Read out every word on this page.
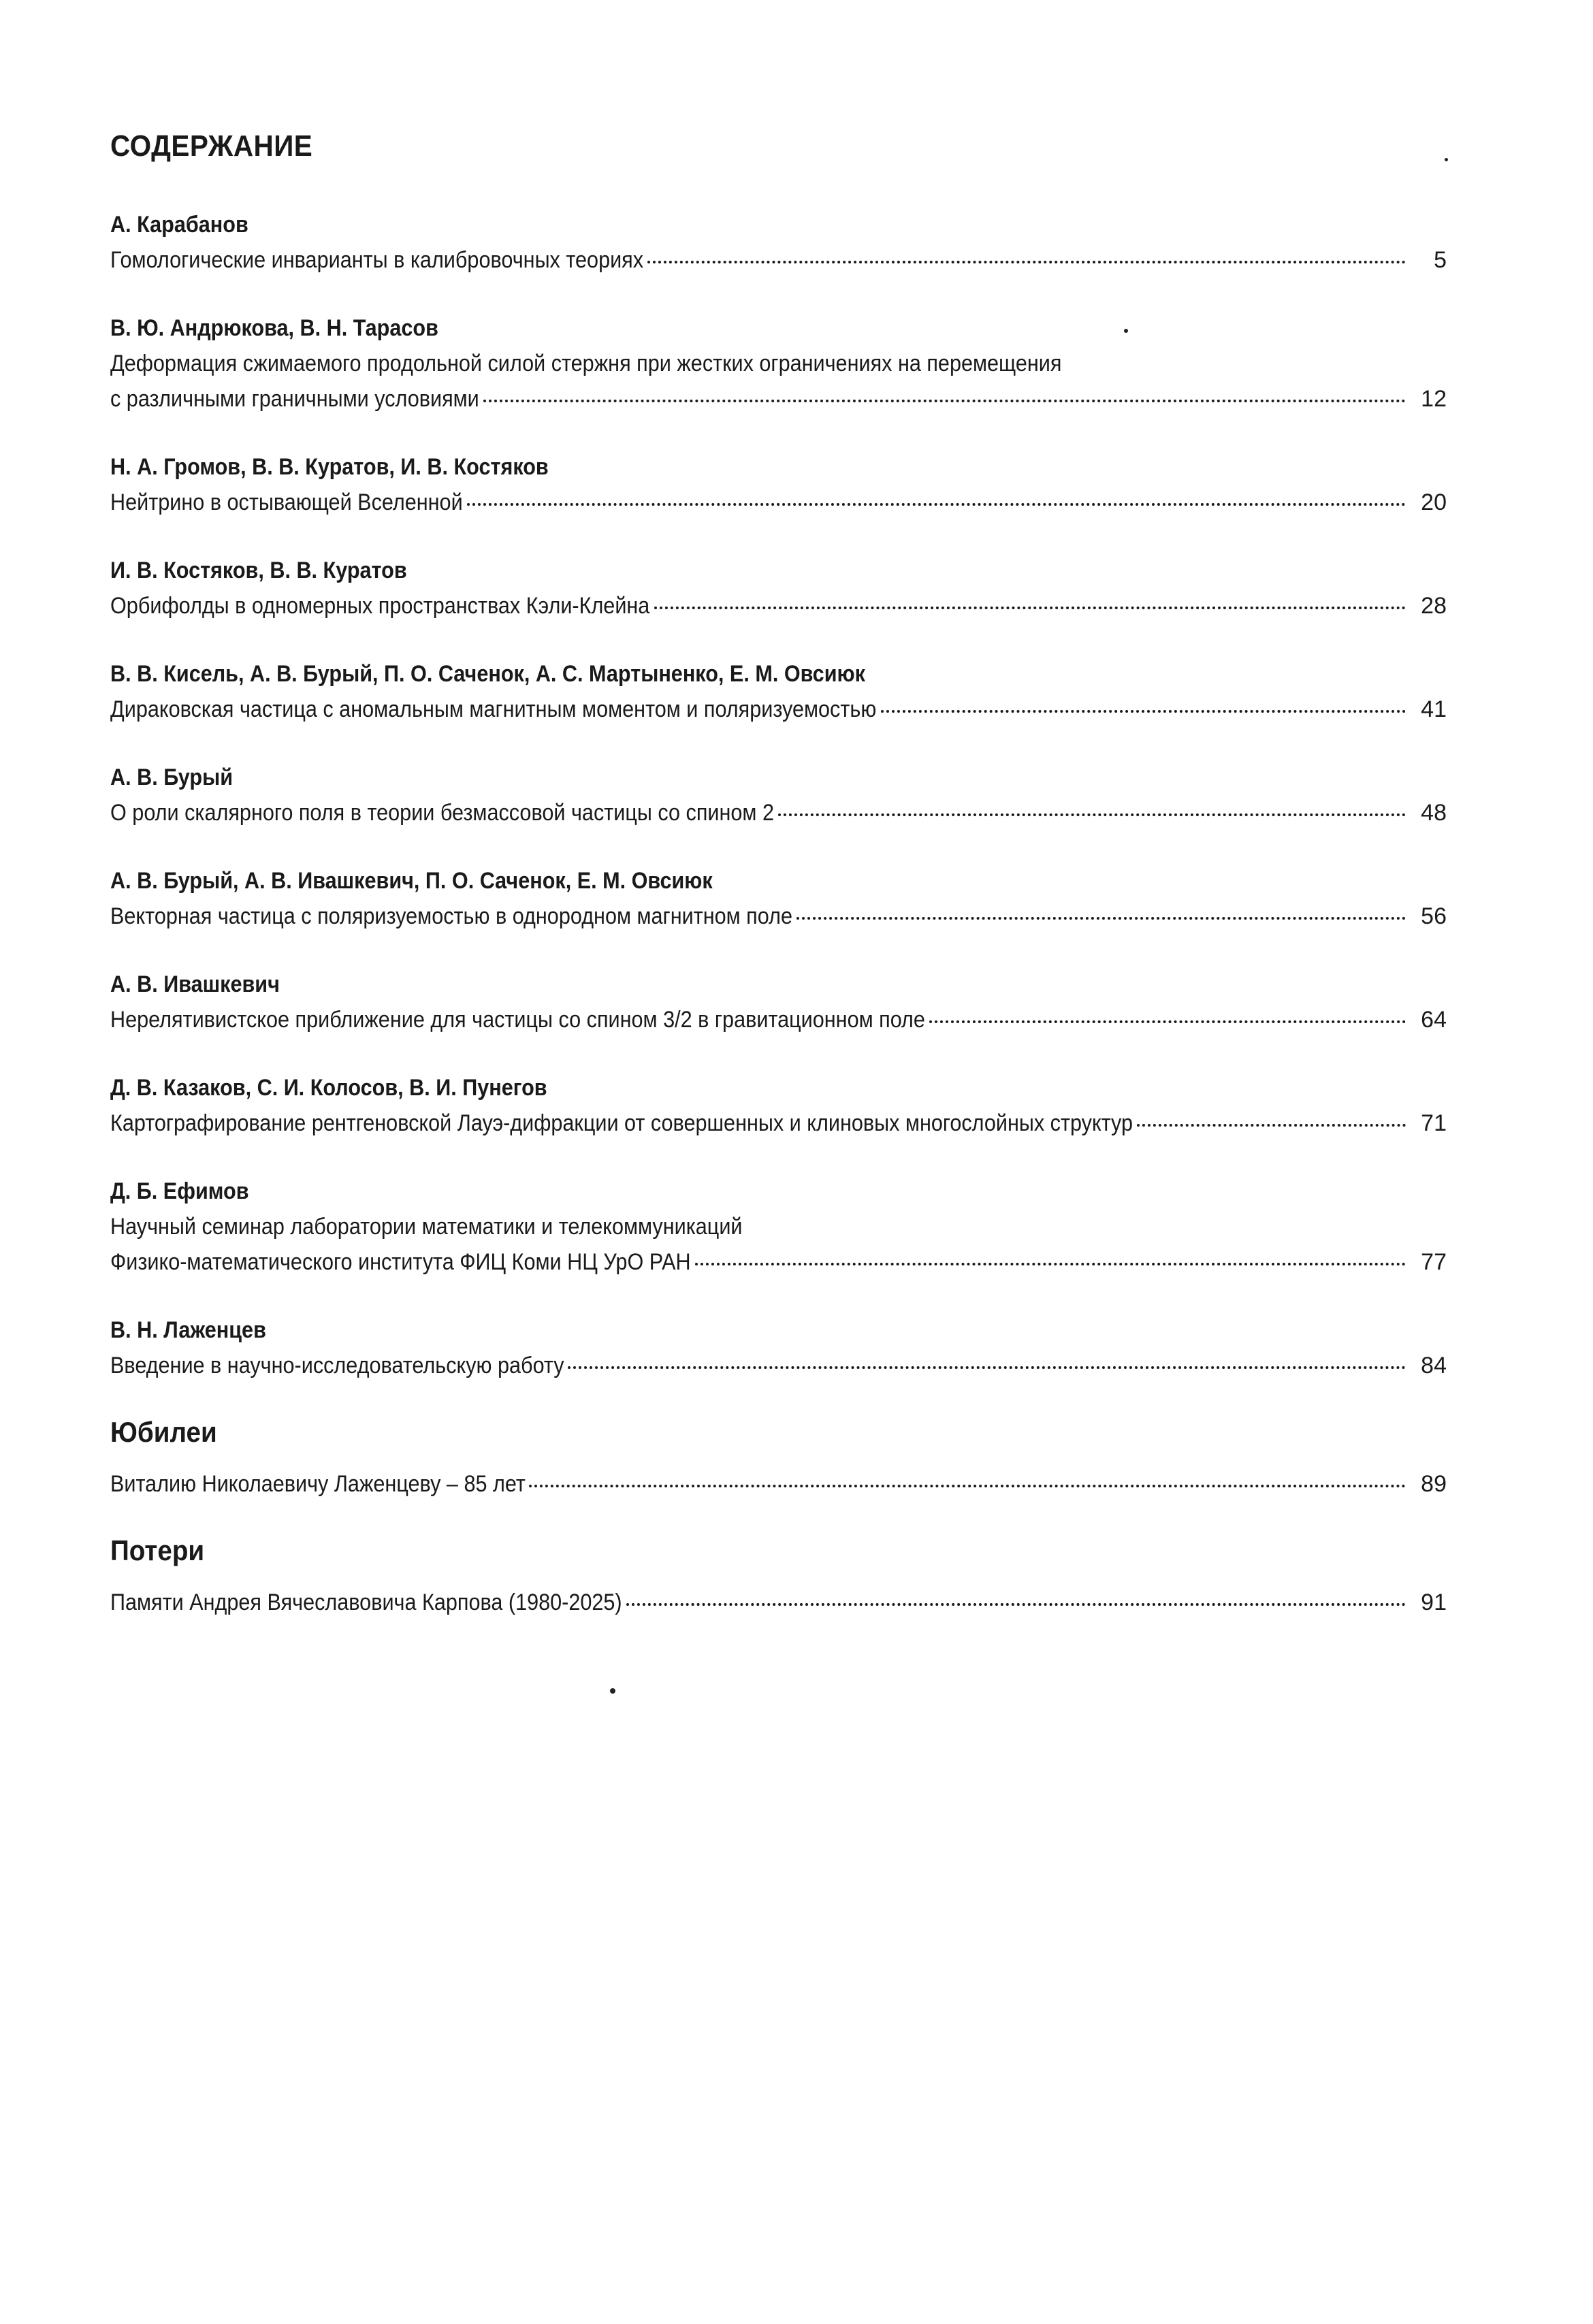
СОДЕРЖАНИЕ
А. Карабанов
Гомологические инварианты в калибровочных теориях	5
В. Ю. Андрюкова, В. Н. Тарасов
Деформация сжимаемого продольной силой стержня при жестких ограничениях на перемещения
с различными граничными условиями	12
Н. А. Громов, В. В. Куратов, И. В. Костяков
Нейтрино в остывающей Вселенной	20
И. В. Костяков, В. В. Куратов
Орбифолды в одномерных пространствах Кэли-Клейна	28
В. В. Кисель, А. В. Бурый, П. О. Саченок, А. С. Мартыненко, Е. М. Овсиюк
Дираковская частица с аномальным магнитным моментом и поляризуемостью	41
А. В. Бурый
О роли скалярного поля в теории безмассовой частицы со спином 2	48
А. В. Бурый, А. В. Ивашкевич, П. О. Саченок, Е. М. Овсиюк
Векторная частица с поляризуемостью в однородном магнитном поле	56
А. В. Ивашкевич
Нерелятивистское приближение для частицы со спином 3/2 в гравитационном поле	64
Д. В. Казаков, С. И. Колосов, В. И. Пунегов
Картографирование рентгеновской Лауэ-дифракции от совершенных и клиновых многослойных структур	71
Д. Б. Ефимов
Научный семинар лаборатории математики и телекоммуникаций
Физико-математического института ФИЦ Коми НЦ УрО РАН	77
В. Н. Лаженцев
Введение в научно-исследовательскую работу	84
Юбилеи
Виталию Николаевичу Лаженцеву – 85 лет	89
Потери
Памяти Андрея Вячеславовича Карпова (1980-2025)	91
